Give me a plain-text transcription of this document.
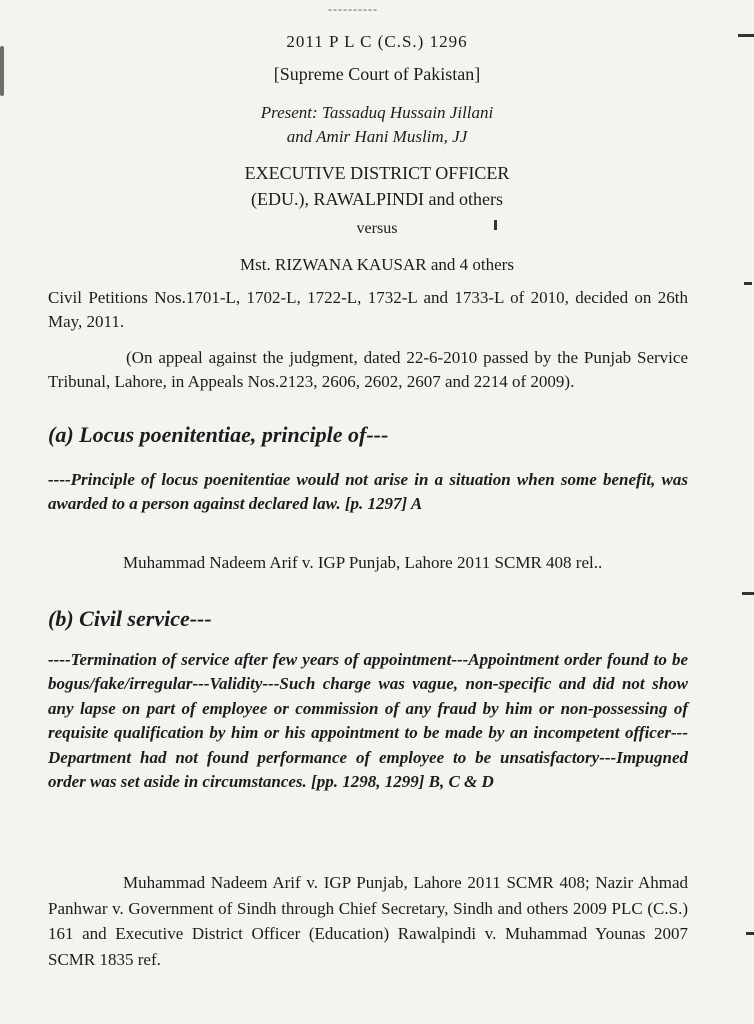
----------
2011 P L C (C.S.) 1296
[Supreme Court of Pakistan]
Present: Tassaduq Hussain Jillani
and Amir Hani Muslim, JJ
EXECUTIVE DISTRICT OFFICER
(EDU.), RAWALPINDI and others
versus
Mst. RIZWANA KAUSAR and 4 others
Civil Petitions Nos.1701-L, 1702-L, 1722-L, 1732-L and 1733-L of 2010, decided on 26th May, 2011.
(On appeal against the judgment, dated 22-6-2010 passed by the Punjab Service Tribunal, Lahore, in Appeals Nos.2123, 2606, 2602, 2607 and 2214 of 2009).
(a) Locus poenitentiae, principle of---
----Principle of locus poenitentiae would not arise in a situation when some benefit, was awarded to a person against declared law. [p. 1297] A
Muhammad Nadeem Arif v. IGP Punjab, Lahore 2011 SCMR 408 rel..
(b) Civil service---
----Termination of service after few years of appointment---Appointment order found to be bogus/fake/irregular---Validity---Such charge was vague, non-specific and did not show any lapse on part of employee or commission of any fraud by him or non-possessing of requisite qualification by him or his appointment to be made by an incompetent officer---Department had not found performance of employee to be unsatisfactory---Impugned order was set aside in circumstances. [pp. 1298, 1299] B, C & D
Muhammad Nadeem Arif v. IGP Punjab, Lahore 2011 SCMR 408; Nazir Ahmad Panhwar v. Government of Sindh through Chief Secretary, Sindh and others 2009 PLC (C.S.) 161 and Executive District Officer (Education) Rawalpindi v. Muhammad Younas 2007 SCMR 1835 ref.
